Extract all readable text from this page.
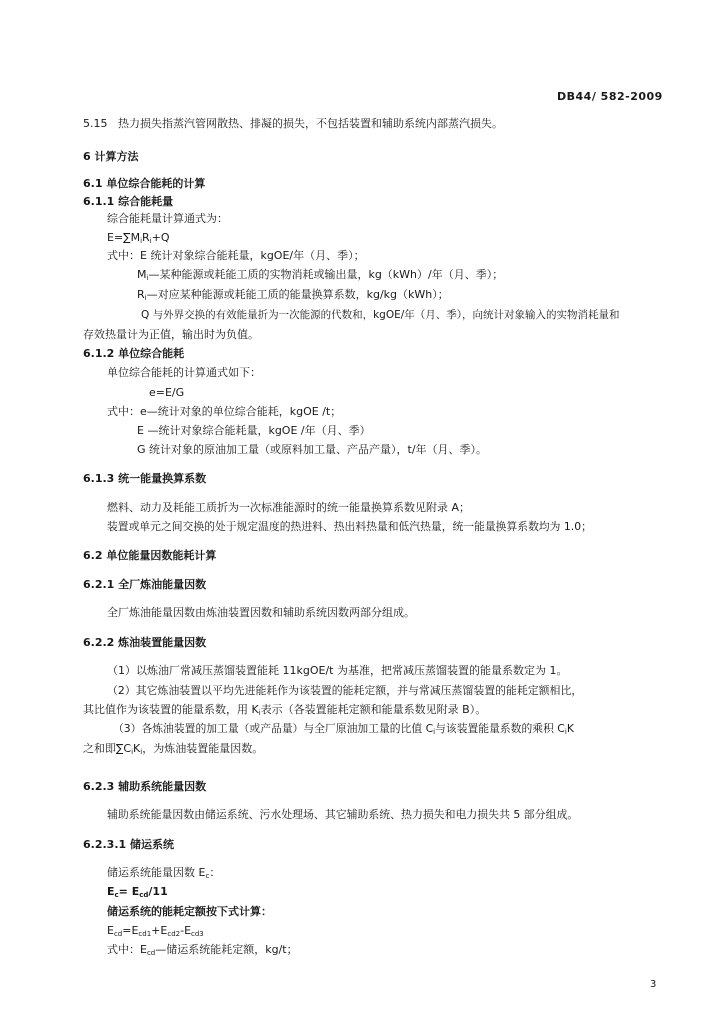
DB44/ 582-2009
5.15 热力损失指蒸汽管网散热、排凝的损失，不包括装置和辅助系统内部蒸汽损失。
6 计算方法
6.1 单位综合能耗的计算
6.1.1 综合能耗量
综合能耗量计算通式为：
$E=\sum M_iR_i+Q$
式中：E 统计对象综合能耗量，kgOE/年（月、季）；
$M_i—$某种能源或耗能工质的实物消耗或输出量，kg（kWh）/年（月、季）；
$R_i—$对应某种能源或耗能工质的能量换算系数，kg/kg（kWh）；
Q 与外界交换的有效能量折为一次能源的代数和，kgOE/年（月、季），向统计对象输入的实物消耗量和
存效热量计为正值，输出时为负值。
6.1.2 单位综合能耗
单位综合能耗的计算通式如下：
e=E/G
式中：e—统计对象的单位综合能耗，kgOE /t；
E —统计对象综合能耗量，kgOE /年（月、季）
G 统计对象的原油加工量（或原料加工量、产品产量），t/年（月、季）。
6.1.3 统一能量换算系数
燃料、动力及耗能工质折为一次标准能源时的统一能量换算系数见附录 A；
装置或单元之间交换的处于规定温度的热进料、热出料热量和低汽热量，统一能量换算系数均为 1.0；
6.2 单位能量因数能耗计算
6.2.1 全厂炼油能量因数
全厂炼油能量因数由炼油装置因数和辅助系统因数两部分组成。
6.2.2 炼油装置能量因数
（1）以炼油厂常减压蒸馏装置能耗 11kgOE/t 为基准，把常减压蒸馏装置的能量系数定为 1。
（2）其它炼油装置以平均先进能耗作为该装置的能耗定额，并与常减压蒸馏装置的能耗定额相比，
其比值作为该装置的能量系数，用 $K_i$表示（各装置能耗定额和能量系数见附录 B）。
（3）各炼油装置的加工量（或产品量）与全厂原油加工量的比值 $C_i$与该装置能量系数的乘积 $C_iK$
之和即$\sum C_iK_i$，为炼油装置能量因数。
6.2.3 辅助系统能量因数
辅助系统能量因数由储运系统、污水处理场、其它辅助系统、热力损失和电力损失共 5 部分组成。
6.2.3.1 储运系统
储运系统能量因数 $E_c$：
$E_c= E_{cd}/11$
储运系统的能耗定额按下式计算：
$E_{cd}=E_{cd1}+E_{cd2}-E_{cd3}$
式中：$E_{cd}—$储运系统能耗定额，kg/t；
3
